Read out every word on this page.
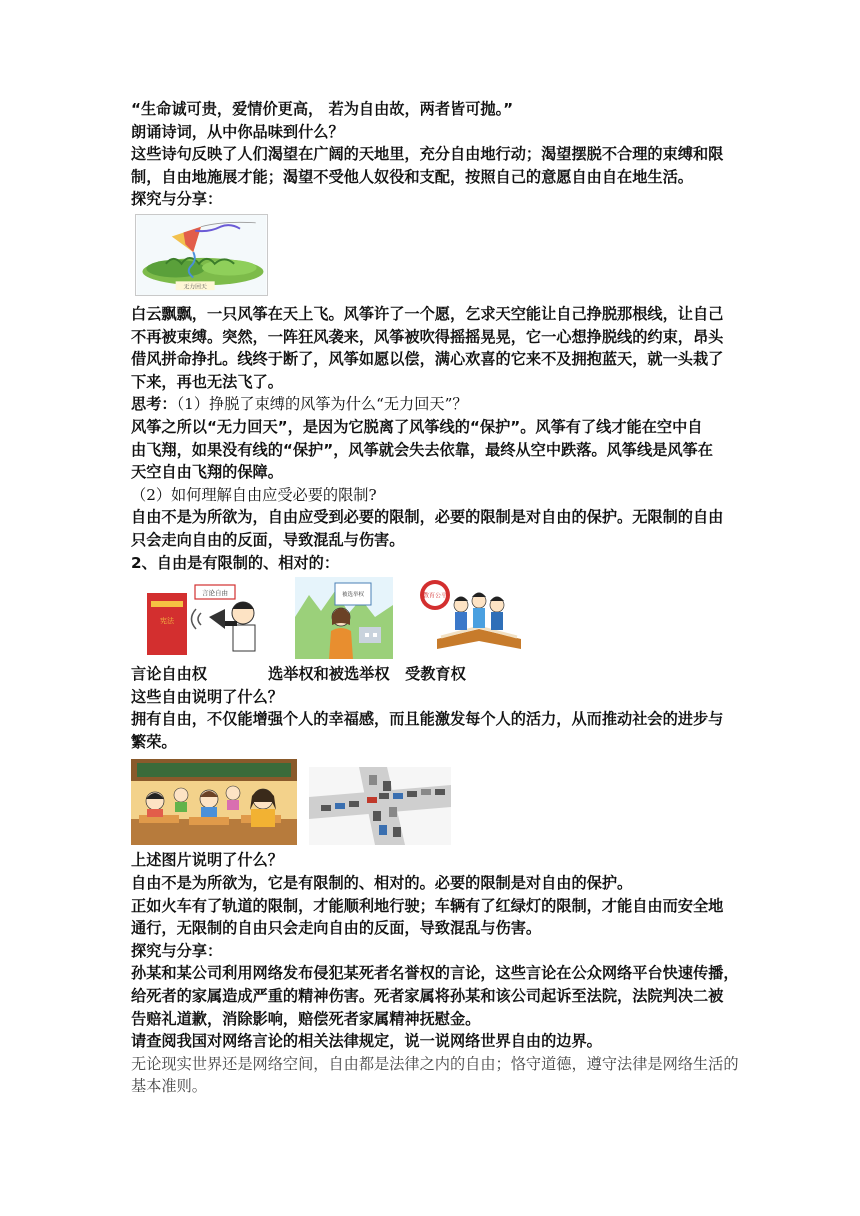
“生命诚可贵，爱情价更高， 若为自由故，两者皆可抛。”

朗诵诗词，从中你品味到什么？

这些诗句反映了人们渴望在广阔的天地里，充分自由地行动；渴望摆脱不合理的束缚和限

制，自由地施展才能；渴望不受他人奴役和支配，按照自己的意愿自由自在地生活。

探究与分享：

无力回天

白云飘飘，一只风筝在天上飞。风筝许了一个愿，乞求天空能让自己挣脱那根线，让自己

不再被束缚。突然，一阵狂风袭来，风筝被吹得摇摇晃晃，它一心想挣脱线的约束，昂头

借风拼命挣扎。线终于断了，风筝如愿以偿，满心欢喜的它来不及拥抱蓝天，就一头栽了

下来，再也无法飞了。

思考：（1）挣脱了束缚的风筝为什么“无力回天”？

风筝之所以“无力回天”，是因为它脱离了风筝线的“保护”。风筝有了线才能在空中自

由飞翔，如果没有线的“保护”，风筝就会失去依靠，最终从空中跌落。风筝线是风筝在

天空自由飞翔的保障。

（2）如何理解自由应受必要的限制?

自由不是为所欲为，自由应受到必要的限制，必要的限制是对自由的保护。无限制的自由

只会走向自由的反面，导致混乱与伤害。

2、自由是有限制的、相对的：

宪法
言论自由	被选举权	教育公平
言论自由权	选举权和被选举权	受教育权

这些自由说明了什么？

拥有自由，不仅能增强个人的幸福感，而且能激发每个人的活力，从而推动社会的进步与

繁荣。

上述图片说明了什么？

自由不是为所欲为，它是有限制的、相对的。必要的限制是对自由的保护。

正如火车有了轨道的限制，才能顺利地行驶；车辆有了红绿灯的限制，才能自由而安全地

通行，无限制的自由只会走向自由的反面，导致混乱与伤害。

探究与分享：

孙某和某公司利用网络发布侵犯某死者名誉权的言论，这些言论在公众网络平台快速传播，

给死者的家属造成严重的精神伤害。死者家属将孙某和该公司起诉至法院，法院判决二被

告赔礼道歉，消除影响，赔偿死者家属精神抚慰金。

请查阅我国对网络言论的相关法律规定，说一说网络世界自由的边界。

无论现实世界还是网络空间，自由都是法律之内的自由；恪守道德，遵守法律是网络生活的

基本准则。
